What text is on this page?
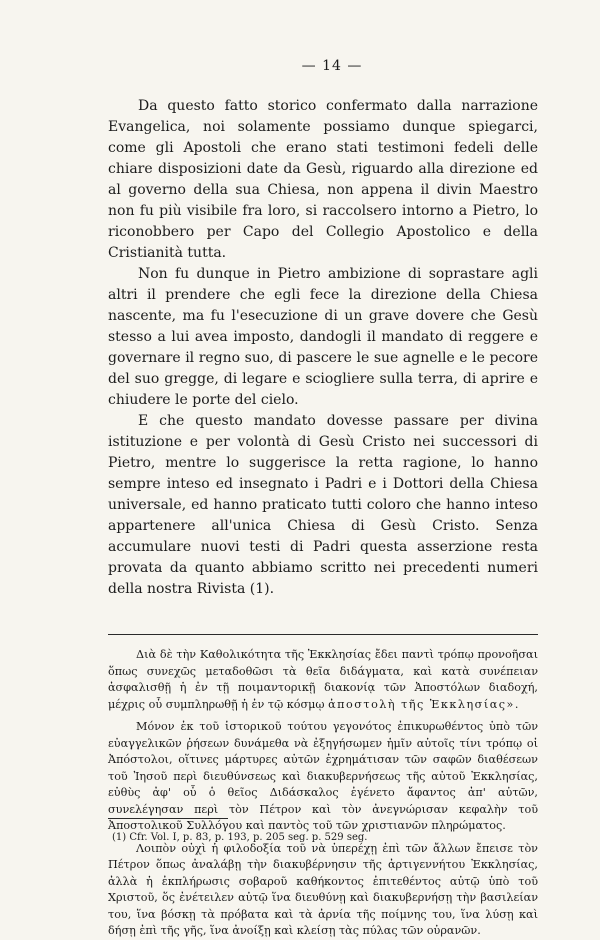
— 14 —

Da questo fatto storico confermato dalla narrazione Evangelica, noi solamente possiamo dunque spiegarci, come gli Apostoli che erano stati testimoni fedeli delle chiare disposizioni date da Gesù, riguardo alla direzione ed al governo della sua Chiesa, non appena il divin Maestro non fu più visibile fra loro, si raccolsero intorno a Pietro, lo riconobbero per Capo del Collegio Apostolico e della Cristianità tutta.

Non fu dunque in Pietro ambizione di soprastare agli altri il prendere che egli fece la direzione della Chiesa nascente, ma fu l'esecuzione di un grave dovere che Gesù stesso a lui avea imposto, dandogli il mandato di reggere e governare il regno suo, di pascere le sue agnelle e le pecore del suo gregge, di legare e sciogliere sulla terra, di aprire e chiudere le porte del cielo.

E che questo mandato dovesse passare per divina istituzione e per volontà di Gesù Cristo nei successori di Pietro, mentre lo suggerisce la retta ragione, lo hanno sempre inteso ed insegnato i Padri e i Dottori della Chiesa universale, ed hanno praticato tutti coloro che hanno inteso appartenere all'unica Chiesa di Gesù Cristo. Senza accumulare nuovi testi di Padri questa asserzione resta provata da quanto abbiamo scritto nei precedenti numeri della nostra Rivista (1).

Διὰ δὲ τὴν Καθολικότητα τῆς Ἐκκλησίας ἔδει παντὶ τρόπῳ προνοῆσαι ὅπως συνεχῶς μεταδοθῶσι τὰ θεῖα διδάγματα, καὶ κατὰ συνέπειαν ἀσφαλισθῇ ἡ ἐν τῇ ποιμαντορικῇ διακονίᾳ τῶν Ἀποστόλων διαδοχή, μέχρις οὗ συμπληρωθῇ ἡ ἐν τῷ κόσμῳ ἀποστολὴ τῆς Ἐκκλησίας».

Μόνον ἐκ τοῦ ἱστορικοῦ τούτου γεγονότος ἐπικυρωθέντος ὑπὸ τῶν εὐαγγελικῶν ῥήσεων δυνάμεθα νὰ ἐξηγήσωμεν ἡμῖν αὐτοῖς τίνι τρόπῳ οἱ Ἀπόστολοι, οἵτινες μάρτυρες αὐτῶν ἐχρημάτισαν τῶν σαφῶν διαθέσεων τοῦ Ἰησοῦ περὶ διευθύνσεως καὶ διακυβερνήσεως τῆς αὐτοῦ Ἐκκλησίας, εὐθὺς ἀφ' οὗ ὁ θεῖος Διδάσκαλος ἐγένετο ἄφαντος ἀπ' αὐτῶν, συνελέγησαν περὶ τὸν Πέτρον καὶ τὸν ἀνεγνώρισαν κεφαλὴν τοῦ Ἀποστολικοῦ Συλλόγου καὶ παντὸς τοῦ τῶν χριστιανῶν πληρώματος.

Λοιπὸν οὐχὶ ἡ φιλοδοξία τοῦ νὰ ὑπερέχῃ ἐπὶ τῶν ἄλλων ἔπεισε τὸν Πέτρον ὅπως ἀναλάβῃ τὴν διακυβέρνησιν τῆς ἀρτιγεννήτου Ἐκκλησίας, ἀλλὰ ἡ ἐκπλήρωσις σοβαροῦ καθήκοντος ἐπιτεθέντος αὐτῷ ὑπὸ τοῦ Χριστοῦ, ὅς ἐνέτειλεν αὐτῷ ἵνα διευθύνῃ καὶ διακυβερνήσῃ τὴν βασιλείαν του, ἵνα βόσκῃ τὰ πρόβατα καὶ τὰ ἀρνία τῆς ποίμνης του, ἵνα λύσῃ καὶ δήσῃ ἐπὶ τῆς γῆς, ἵνα ἀνοίξῃ καὶ κλείσῃ τὰς πύλας τῶν οὐρανῶν.

(1) Cfr. Vol. I, p. 83, p. 193, p. 205 seg. p. 529 seg.
